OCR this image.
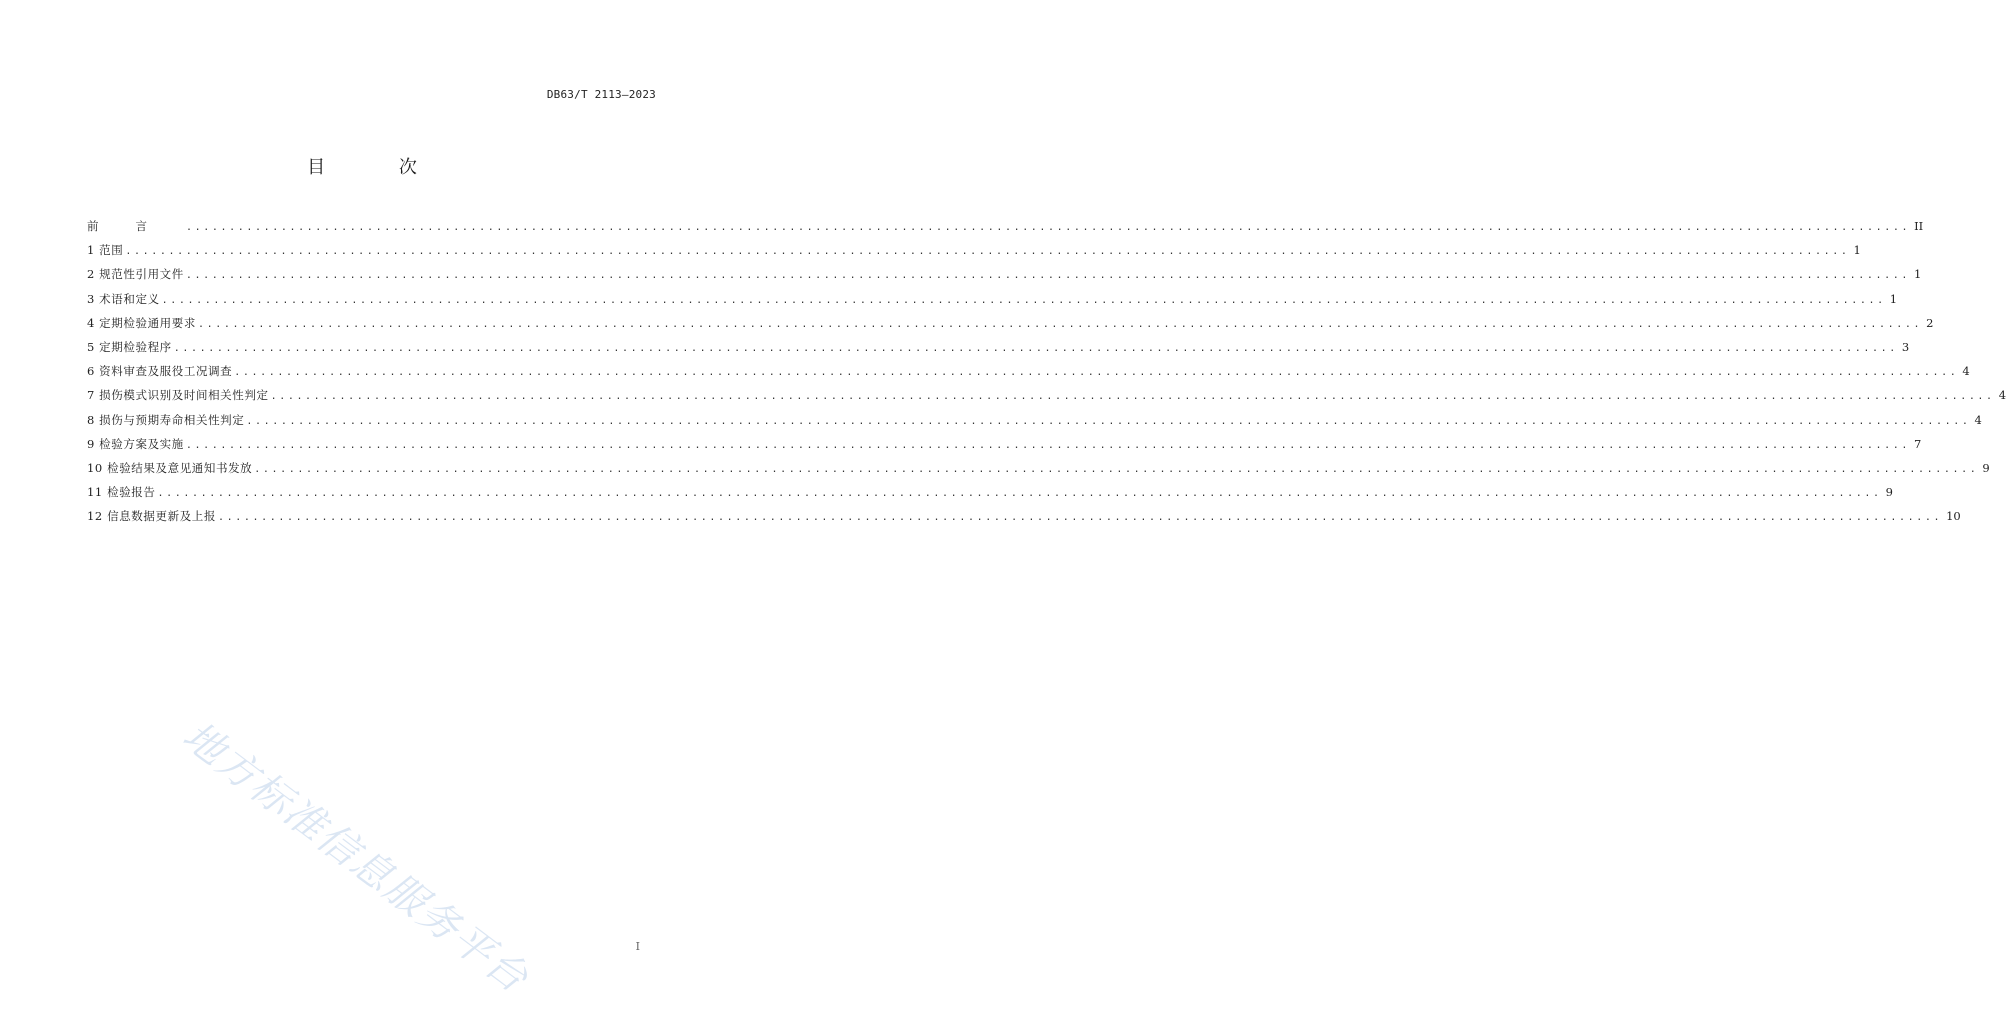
DB63/T 2113—2023
目 次
前言 ........................................................................................................................................................................................................ II
1 范围 ........................................................................................................................................................................................................ 1
2 规范性引用文件 ........................................................................................................................................................................................................ 1
3 术语和定义 ........................................................................................................................................................................................................ 1
4 定期检验通用要求 ........................................................................................................................................................................................................ 2
5 定期检验程序 ........................................................................................................................................................................................................ 3
6 资料审查及服役工况调查 ........................................................................................................................................................................................................ 4
7 损伤模式识别及时间相关性判定 ........................................................................................................................................................................................................ 4
8 损伤与预期寿命相关性判定 ........................................................................................................................................................................................................ 4
9 检验方案及实施 ........................................................................................................................................................................................................ 7
10 检验结果及意见通知书发放 ........................................................................................................................................................................................................ 9
11 检验报告 ........................................................................................................................................................................................................ 9
12 信息数据更新及上报 ........................................................................................................................................................................................................ 10
地方标准信息服务平台	I
